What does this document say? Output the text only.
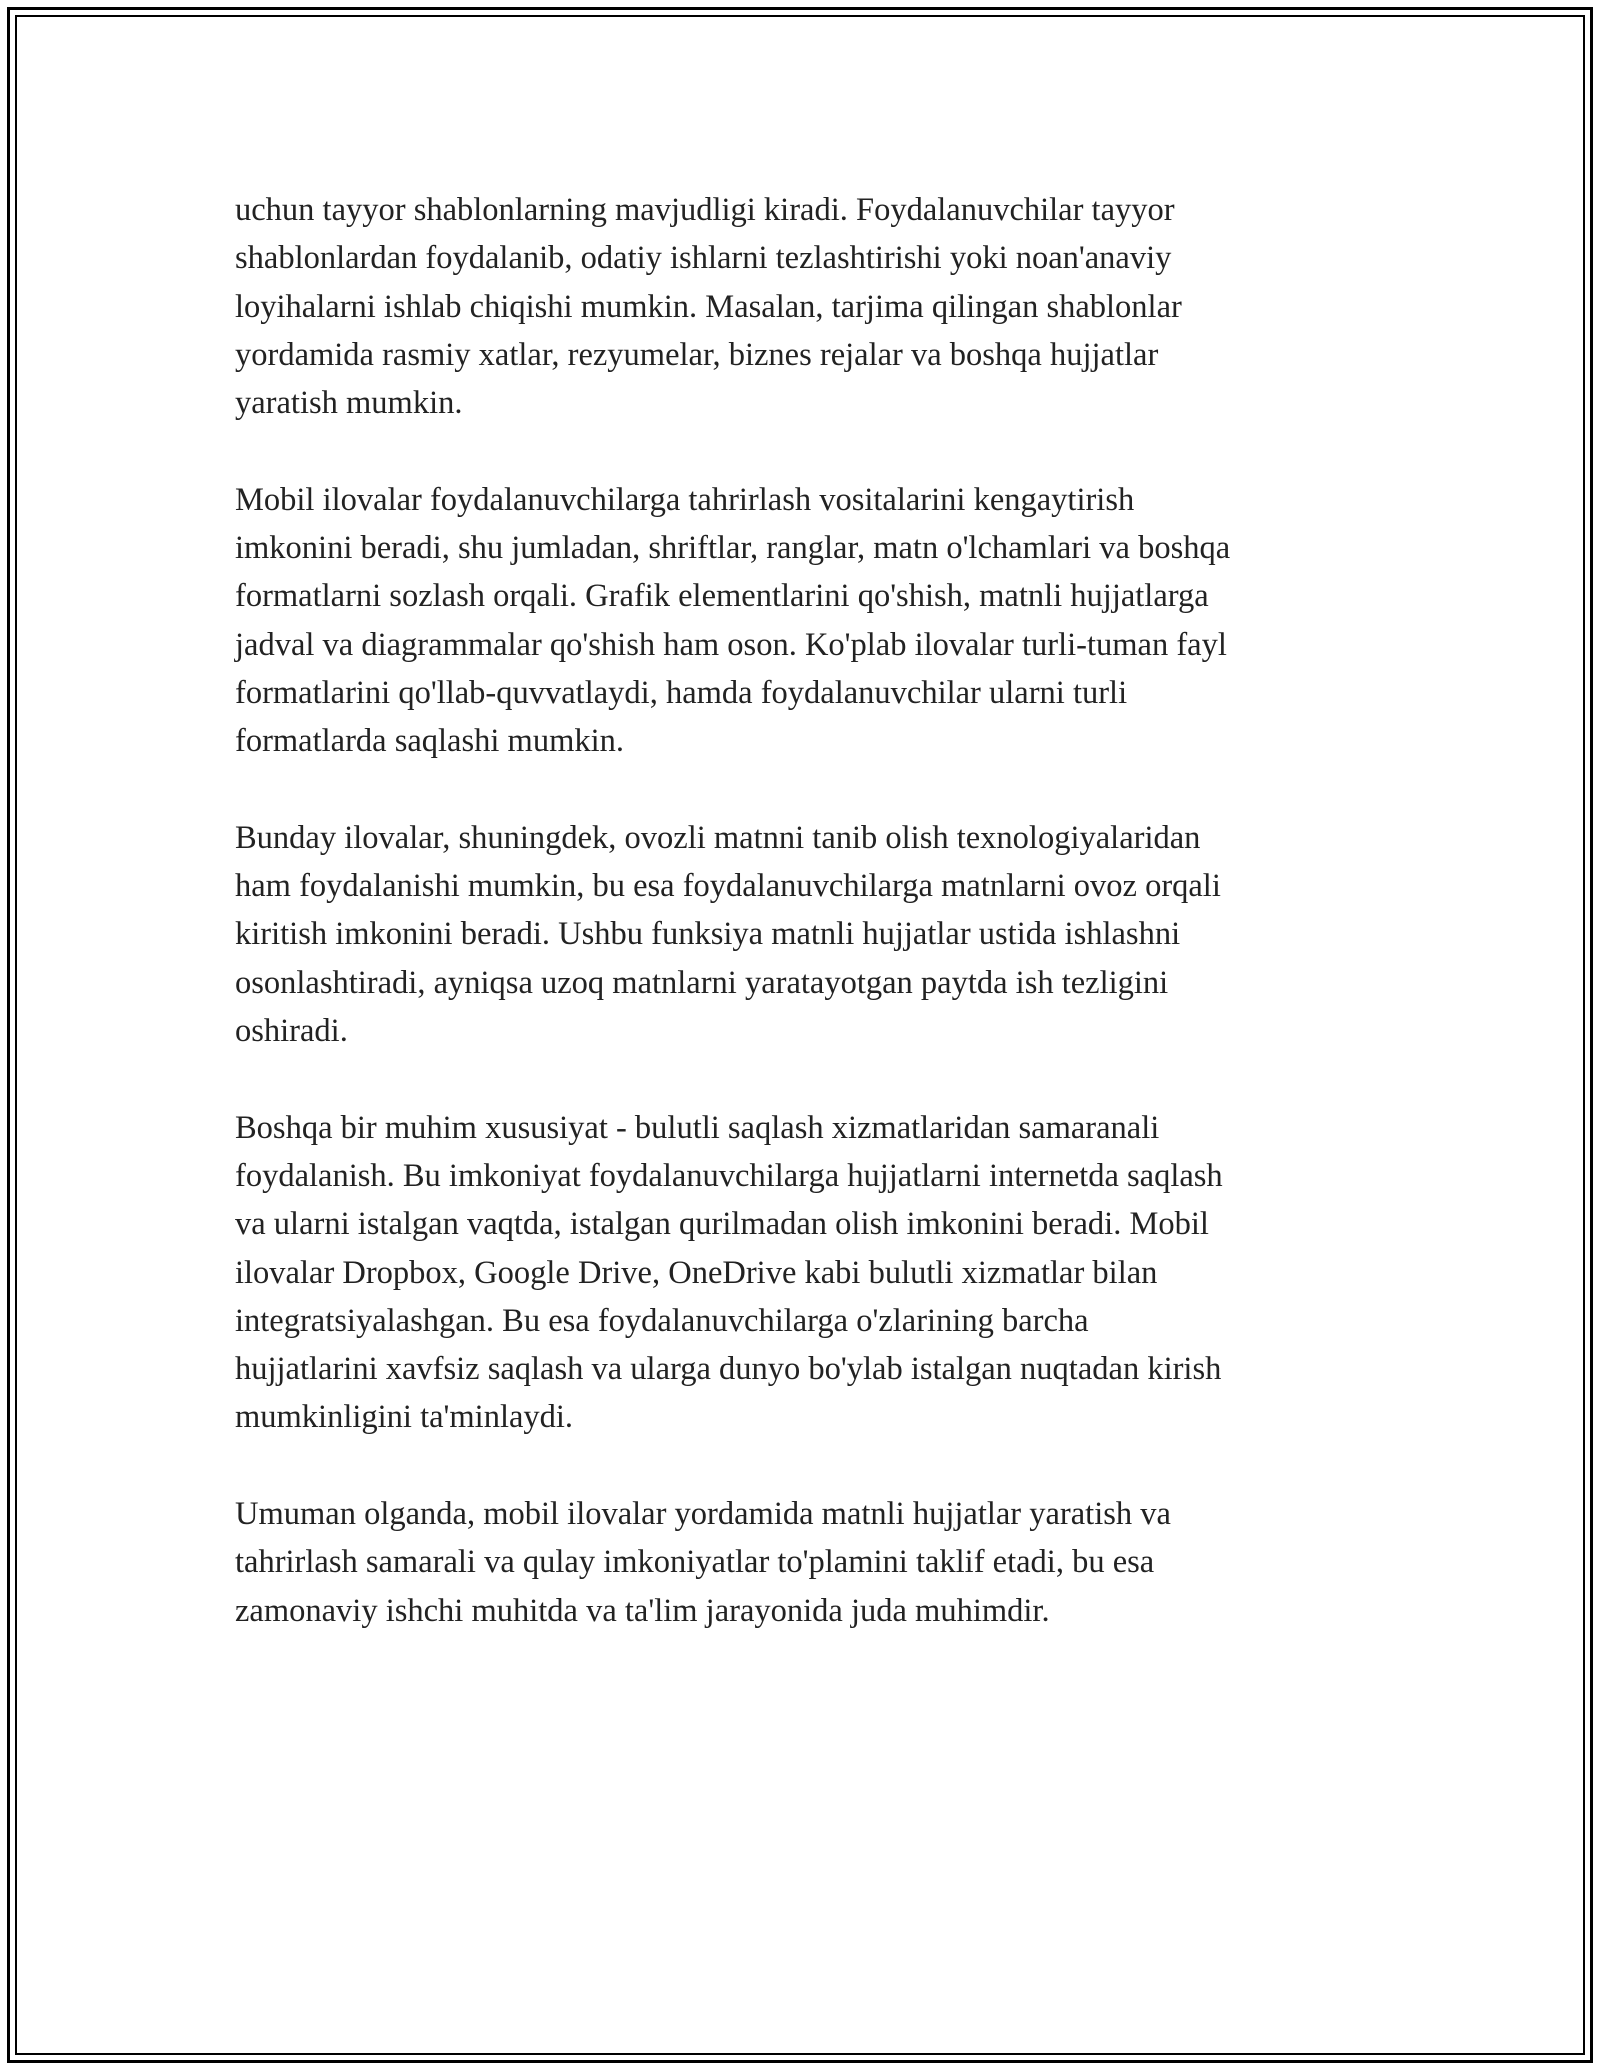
uchun tayyor shablonlarning mavjudligi kiradi. Foydalanuvchilar tayyor
shablonlardan foydalanib, odatiy ishlarni tezlashtirishi yoki noan'anaviy
loyihalarni ishlab chiqishi mumkin. Masalan, tarjima qilingan shablonlar
yordamida rasmiy xatlar, rezyumelar, biznes rejalar va boshqa hujjatlar
yaratish mumkin.

Mobil ilovalar foydalanuvchilarga tahrirlash vositalarini kengaytirish
imkonini beradi, shu jumladan, shriftlar, ranglar, matn o'lchamlari va boshqa
formatlarni sozlash orqali. Grafik elementlarini qo'shish, matnli hujjatlarga
jadval va diagrammalar qo'shish ham oson. Ko'plab ilovalar turli-tuman fayl
formatlarini qo'llab-quvvatlaydi, hamda foydalanuvchilar ularni turli
formatlarda saqlashi mumkin.

Bunday ilovalar, shuningdek, ovozli matnni tanib olish texnologiyalaridan
ham foydalanishi mumkin, bu esa foydalanuvchilarga matnlarni ovoz orqali
kiritish imkonini beradi. Ushbu funksiya matnli hujjatlar ustida ishlashni
osonlashtiradi, ayniqsa uzoq matnlarni yaratayotgan paytda ish tezligini
oshiradi.

Boshqa bir muhim xususiyat - bulutli saqlash xizmatlaridan samaranali
foydalanish. Bu imkoniyat foydalanuvchilarga hujjatlarni internetda saqlash
va ularni istalgan vaqtda, istalgan qurilmadan olish imkonini beradi. Mobil
ilovalar Dropbox, Google Drive, OneDrive kabi bulutli xizmatlar bilan
integratsiyalashgan. Bu esa foydalanuvchilarga o'zlarining barcha
hujjatlarini xavfsiz saqlash va ularga dunyo bo'ylab istalgan nuqtadan kirish
mumkinligini ta'minlaydi.

Umuman olganda, mobil ilovalar yordamida matnli hujjatlar yaratish va
tahrirlash samarali va qulay imkoniyatlar to'plamini taklif etadi, bu esa
zamonaviy ishchi muhitda va ta'lim jarayonida juda muhimdir.
